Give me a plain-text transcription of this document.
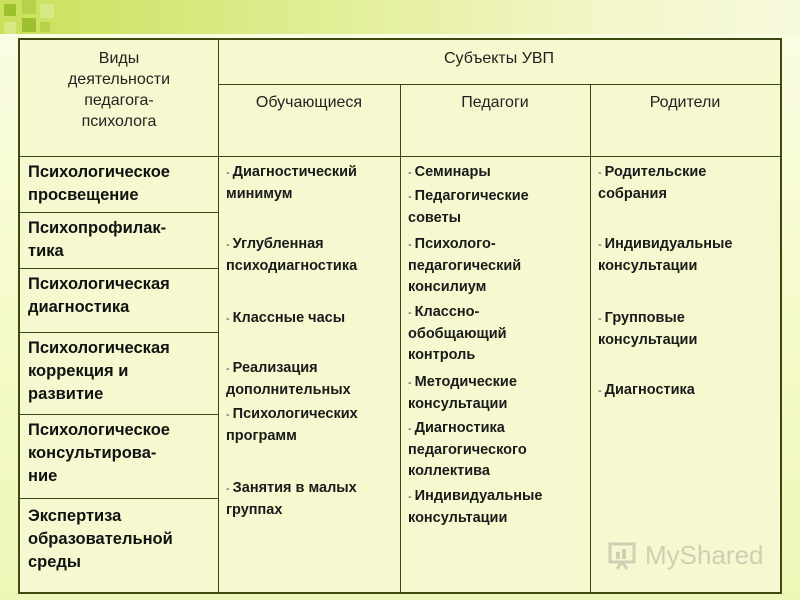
Виды
деятельности
педагога-
психолога
Субъекты УВП
Обучающиеся	Педагоги	Родители
Психологическое
просвещение
Психопрофилак-
тика
Психологическая
диагностика
Психологическая
коррекция и
развитие
Психологическое
консультирова-
ние
Экспертиза
образовательной
среды
- Диагностический
минимум
- Углубленная
психодиагностика
- Классные часы
- Реализация
дополнительных
- Психологических
программ
- Занятия в малых
группах
- Семинары
- Педагогические
советы
- Психолого-
педагогический
консилиум
- Классно-
обобщающий
контроль
- Методические
консультации
- Диагностика
педагогического
коллектива
- Индивидуальные
консультации
- Родительские
собрания
- Индивидуальные
консультации
- Групповые
консультации
- Диагностика
MyShared
